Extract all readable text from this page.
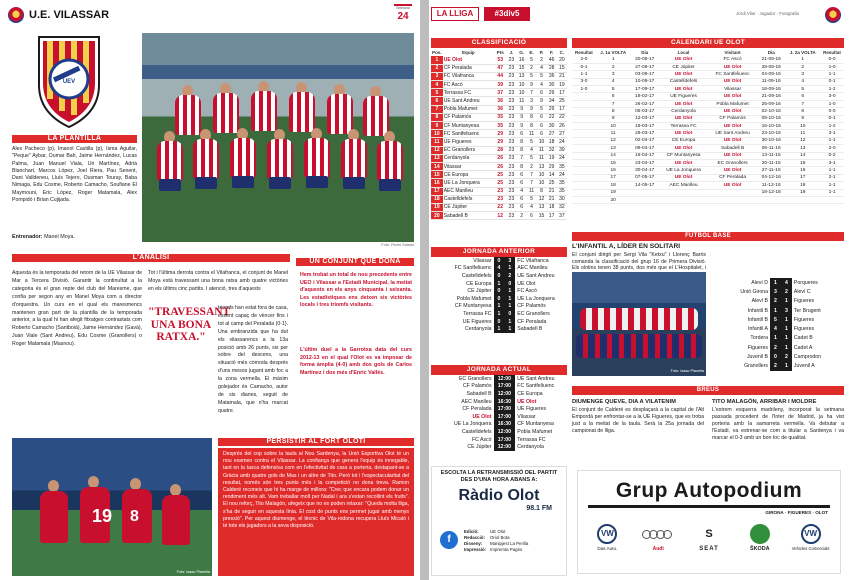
U.E. VILASSAR
UEV
LA PLANTILLA
Alex Pacheco (p), Imanol Castilla (p), Isma Aguilar, "Peque" Aybar, Oumar Bah, Jaime Hernández, Lucas Palma, Juan Manuel Viala, Uri Martínez, Adrià Blanchart, Marcos López, Joel Riera, Pau Senent, Dani Valldeneu, Lluís Tejero, Ousman Touray, Baba Nimaga, Edu Cosme, Roberto Camacho, Soufiane El Maymouni, Eric López, Roger Matamala, Alex Pompidó i Brian Cujijada.
Entrenador: Manel Moya.
Foto: Pedro Salado
L'ANÀLISI
Aquesta és la temporada del retorn de la UE Vilassar de Mar a Tercera Divisió. Garantir la continuïtat a la categoria és el gran repte del club del Maresme, que confia per segon any en Manel Moya com a director d'orquestra. Un curs en el qual els maresmencs mantenen gran part de la plantilla de la temporada anterior, a la qual hi han afegit fitxatges contrastats com Roberto Camacho (Santboià), Jaime Hernández (Gavà), Juan Viale (Sant Andreu), Edu Cosme (Granollers) o Roger Matamala (Masnou).
Tot i l'última derrota contra el Vilafranca, el conjunt de Manel Moya està travessant una bona ratxa amb quatre victòries en els últims cinc partits. I atenció, tres d'aquests
"TRAVESSANT UNA BONA RATXA."
triomfs han estat fora de casa, essent capaç de vèncer fins i tot al camp del Peralada (0-1). Una embranzida que ha dut els vilassarencs a la 13a posició amb 26 punts, sis per sobre del descens, una situació més còmoda després d'uns mesos jugant amb foc a la zona vermella. El màxim golejador és Camacho, autor de sis dianes, seguit de Matamala, que n'ha marcat quatre.
UN CONJUNT QUE DÓNA GUERRA
Hem trobat un total de nou precedents entre UEO i Vilassar a l'Estadi Municipal, la meitat d'aquests en els anys cinquanta i seixanta. Les estadístiques ens deixen sis victòries locals i tres triomfs visitants.
L'últim duel a la Garrotxa data del curs 2012-13 en el qual l'Olot es va imposar de forma àmplia (4-0) amb dos gols de Carlos Martínez i dos més d'Enric Vallès.
19 8
Foto: Isaac Planella
PERSISTIR AL FORT OLOTÍ
Després del cop sobre la taula al Nou Sardenya, la Unió Esportiva Olot té un nou examen contra el Vilassar. La confiança que genera l'equip és innegable, tant en la tasca defensiva com en l'efectivitat de cara a porteria, destapant-se a Gràcia amb quatre gols de Mas i un altre de Tito. Però tot i l'espectacularitat del resultat, només són tres punts més i la competició no dona treva. Ramon Calderé reconeix que hi ha marge de millora: "Crec que encara podem donar un rendiment més alt. Vam treballar molt per Nadal i ara s'estan recollint els fruits". El nou reforç, Tito Malagón, afegeix que no es poden relaxar: "Queda molta lliga, s'ha de seguir en aquesta línia. El cost de punts ens permet jugar amb menys pressió". Per aquest diumenge, el tècnic de Vila-rodona recupera Lluís Micaló i té tots els jugadors a la seva disposició.
LA LLIGA	#3div5	Jordi Vilar · Jugador · Fotografia
CLASSIFICACIÓ
Pos.	Equip	Pts	J.	G.	E.	P.	F.	C.
1	UE Olot	53	23	16	5	2	46	20
2	CF Peralada	47	23	15	2	4	28	15
3	FC Vilafranca	44	23	13	5	5	36	21
4	FC Ascó	39	23	10	9	4	30	19
5	Terrassa FC	37	23	10	7	6	29	17
6	UE Sant Andreu	36	23	11	3	9	34	25
7	Pobla Mafumet	36	23	9	9	5	29	17
8	CF Palamós	35	23	9	8	6	22	22
9	CF Muntanyesa	35	23	9	8	6	30	26
10	FC Santfeliuenc	29	23	6	11	6	27	27
11	UE Figueres	29	23	8	5	10	18	24
12	EC Granollers	28	23	8	4	11	32	39
13	Cerdanyola	26	23	7	5	11	19	24
14	Vilassar	26	23	8	2	13	29	35
15	CE Europa	25	23	6	7	10	14	24
16	UE La Jonquera	25	23	6	7	10	25	35
17	AEC Manlleu	23	23	4	11	8	21	35
18	Castelldefels	23	23	6	5	12	21	30
19	CE Júpiter	22	23	6	4	13	18	32
20	Sabadell B	12	23	2	6	15	17	37
CALENDARI UE OLOT
Resultat	J. 1a VOLTA	Dia	Local	Visitant	Dia	J. 2a VOLTA	Resultat
2-0	1	20-08-17	UE Olot	FC Ascó	21-08-16	1	0-0
0-1	2	27-08-17	CE Júpiter	UE Olot	28-08-16	2	1-0
1-1	3	03-09-17	UE Olot	FC Santfeliuenc	04-09-16	3	1-1
3-0	4	10-09-17	Castelldefels	UE Olot	11-09-16	4	0-1
1-0	5	17-09-17	UE Olot	Vilassar	18-09-16	5	1-2
	6	19-02-17	UE Figueres	UE Olot	21-09-16	6	3-0
	7	26-02-17	UE Olot	Pobla Mafumet	25-09-16	7	1-0
	8	05-03-17	Cerdanyola	UE Olot	02-10-16	8	0-0
	9	12-03-17	UE Olot	CF Palamós	09-10-16	9	0-1
	10	19-03-17	Terrassa FC	UE Olot	16-10-16	10	1-2
	11	26-03-17	UE Olot	UE Sant Andreu	23-10-16	11	3-1
	12	02-04-17	CE Europa	UE Olot	30-10-16	12	1-1
	13	09-04-17	UE Olot	Sabadell B	06-11-16	13	2-0
	14	16-04-17	CF Muntanyesa	UE Olot	13-11-16	14	0-2
	15	23-04-17	UE Olot	EC Granollers	20-11-16	15	3-1
	16	30-04-17	UE La Jonquera	UE Olot	27-11-16	16	1-1
	17	07-05-17	UE Olot	CF Peralada	04-12-16	17	2-1
	18	14-05-17	AEC Manlleu	UE Olot	11-12-16	18	1-1
	19				18-12-16	19	1-1
	20						
JORNADA ANTERIOR
Vilassar	0	3	FC Vilafranca
FC Santfeliuenc	4	1	AEC Manlleu
Castelldefels	0	2	UE Sant Andreu
CE Europa	1	0	UE Olot
CE Júpiter	0	1	FC Ascó
Pobla Mafumet	0	1	UE La Jonquera
CF Muntanyesa	1	1	CF Palamós
Terrassa FC	1	0	EC Granollers
UE Figueres	0	1	CF Peralada
Cerdanyola	1	1	Sabadell B
JORNADA ACTUAL
EC Granollers	12:00	UE Sant Andreu
CF Palamós	17:00	FC Santfeliuenc
Sabadell B	12:00	CE Europa
AEC Manlleu	16:30	UE Olot
CF Peralada	17:00	UE Figueres
UE Olot	17:00	Vilassar
UE La Jonquera	16:30	CF Muntanyesa
Castelldefels	12:00	Pobla Mafumet
FC Ascó	17:00	Terrassa FC
CE Júpiter	12:00	Cerdanyola
ESCOLTA LA RETRANSMISSIÓ DEL PARTIT DES D'UNA HORA ABANS A:
Ràdio Olot
98.1 FM
f
Edició:	UE Olot
Redacció: Oriol Bota
Disseny: Manipjest La Perilla
Impressió: Impremta Pagès
FUTBOL BASE
L'INFANTIL A, LÍDER EN SOLITARI
El conjunt dirigit per Sergi Vila "Ketxu" i Llorenç Barris comanda la classificació del grup 16 de Primera Divisió. Els olotins tenen 38 punts, dos més que el L'Hospitalet, i
Foto: Isaac Planella
Aleví D	1	4	Porqueres
Unió Girona	3	2	Aleví C
Aleví B	2	1	Figueres
Infantil B	1	3	Ter Brugent
Infantil B	5	1	Figueres
Infantil A	4	1	Figueres
Tordera	1	1	Cadet B
Figueres	2	1	Cadet A
Juvenil B	0	2	Camprodon
Granollers	2	1	Juvenil A
BREUS
DIUMENGE QUEVE, DIA A VILATENIM
El conjunt de Calderé es desplaçarà a la capital de l'Alt Empordà per enfrontar-se a la UE Figueres, que es troba just a la meitat de la taula. Serà la 25a jornada del campionat de lliga.
TITO MALAGÓN, ARRIBAR I MOLDRE
L'extrem esquerra madrileny, incorporat la setmana passada procedent de l'Inter de Madrid, ja ha vist porteria amb la samarreta vermella. Va debutar a l'Estadi, va estrenar-se com a titular a Sardenya i va marcar el 0-3 amb un bon toc de qualitat.
Grup Autopodium
GIRONA · FIGUERES · OLOT
VW
Das Auto.	Audi
S
SEAT	ŠKODA
VW
Vehicles Comercials
Setmana
24
